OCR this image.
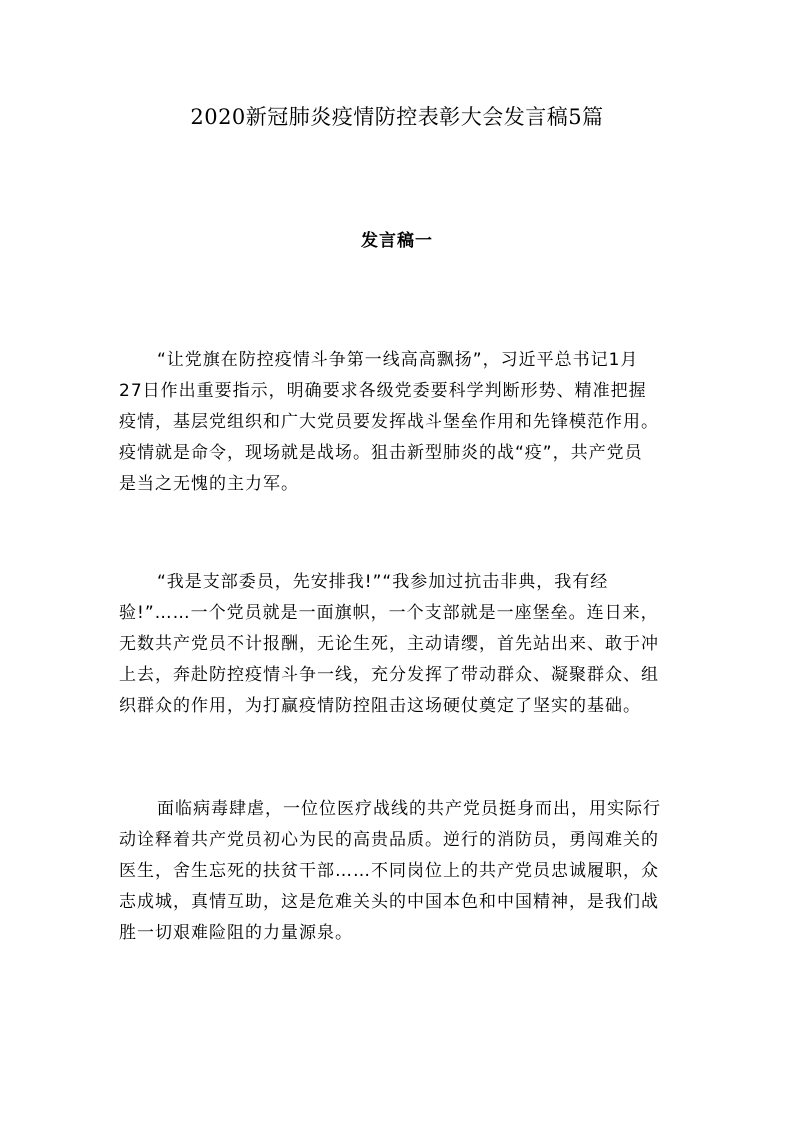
2020新冠肺炎疫情防控表彰大会发言稿5篇
发言稿一
“让党旗在防控疫情斗争第一线高高飘扬”，习近平总书记1月
27日作出重要指示，明确要求各级党委要科学判断形势、精准把握
疫情，基层党组织和广大党员要发挥战斗堡垒作用和先锋模范作用。
疫情就是命令，现场就是战场。狙击新型肺炎的战“疫”，共产党员
是当之无愧的主力军。
“我是支部委员，先安排我!”“我参加过抗击非典，我有经
验!”……一个党员就是一面旗帜，一个支部就是一座堡垒。连日来，
无数共产党员不计报酬，无论生死，主动请缨，首先站出来、敢于冲
上去，奔赴防控疫情斗争一线，充分发挥了带动群众、凝聚群众、组
织群众的作用，为打赢疫情防控阻击这场硬仗奠定了坚实的基础。
面临病毒肆虐，一位位医疗战线的共产党员挺身而出，用实际行
动诠释着共产党员初心为民的高贵品质。逆行的消防员，勇闯难关的
医生，舍生忘死的扶贫干部……不同岗位上的共产党员忠诚履职，众
志成城，真情互助，这是危难关头的中国本色和中国精神，是我们战
胜一切艰难险阻的力量源泉。
